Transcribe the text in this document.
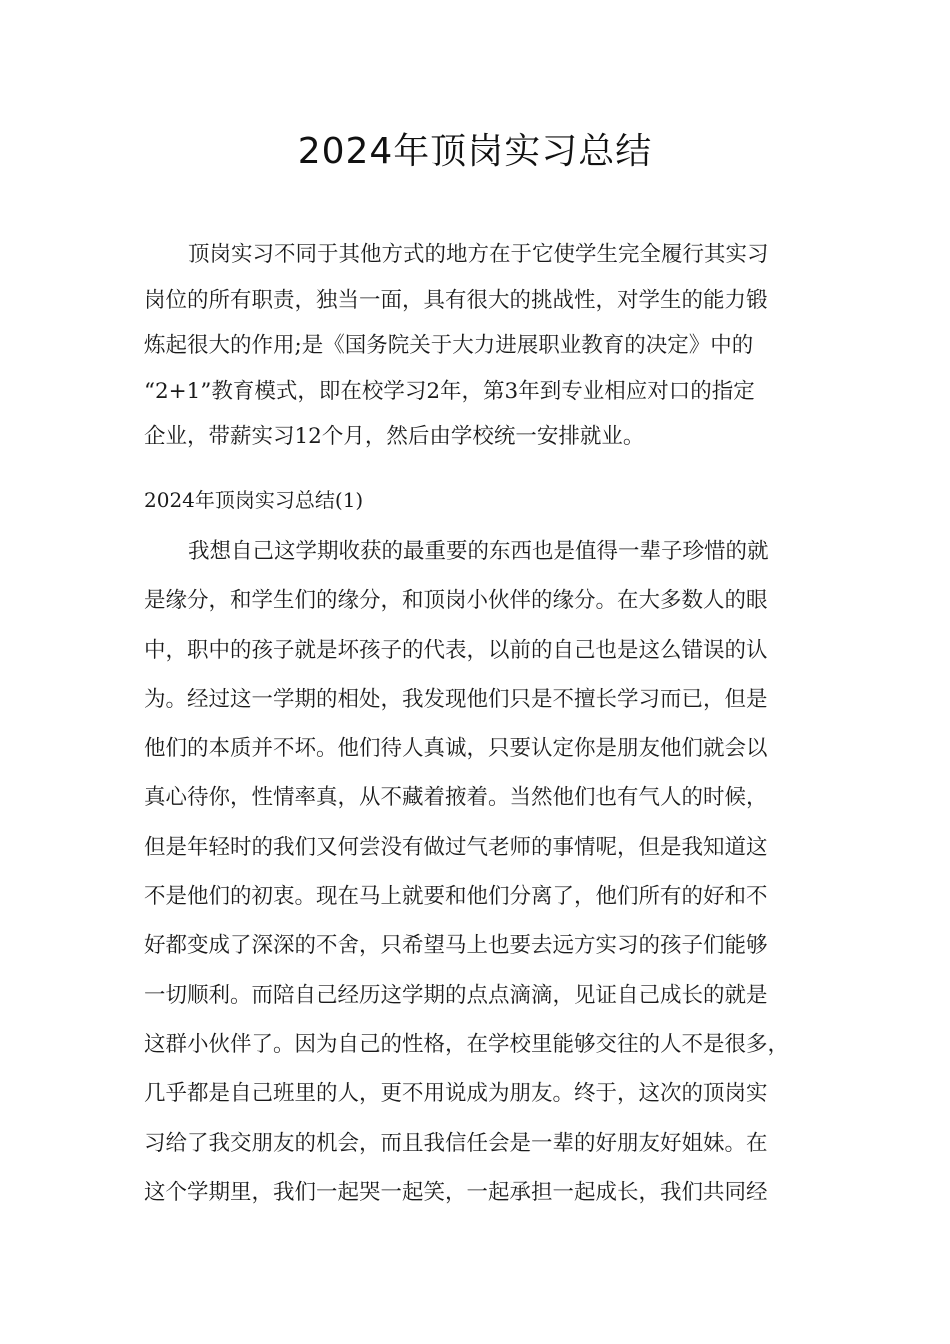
2024年顶岗实习总结
顶岗实习不同于其他方式的地方在于它使学生完全履行其实习
岗位的所有职责，独当一面，具有很大的挑战性，对学生的能力锻
炼起很大的作用;是《国务院关于大力进展职业教育的决定》中的
“2+1”教育模式，即在校学习2年，第3年到专业相应对口的指定
企业，带薪实习12个月，然后由学校统一安排就业。
2024年顶岗实习总结(1)
我想自己这学期收获的最重要的东西也是值得一辈子珍惜的就
是缘分，和学生们的缘分，和顶岗小伙伴的缘分。在大多数人的眼
中，职中的孩子就是坏孩子的代表，以前的自己也是这么错误的认
为。经过这一学期的相处，我发现他们只是不擅长学习而已，但是
他们的本质并不坏。他们待人真诚，只要认定你是朋友他们就会以
真心待你，性情率真，从不藏着掖着。当然他们也有气人的时候，
但是年轻时的我们又何尝没有做过气老师的事情呢，但是我知道这
不是他们的初衷。现在马上就要和他们分离了，他们所有的好和不
好都变成了深深的不舍，只希望马上也要去远方实习的孩子们能够
一切顺利。而陪自己经历这学期的点点滴滴，见证自己成长的就是
这群小伙伴了。因为自己的性格，在学校里能够交往的人不是很多，
几乎都是自己班里的人，更不用说成为朋友。终于，这次的顶岗实
习给了我交朋友的机会，而且我信任会是一辈的好朋友好姐妹。在
这个学期里，我们一起哭一起笑，一起承担一起成长，我们共同经
